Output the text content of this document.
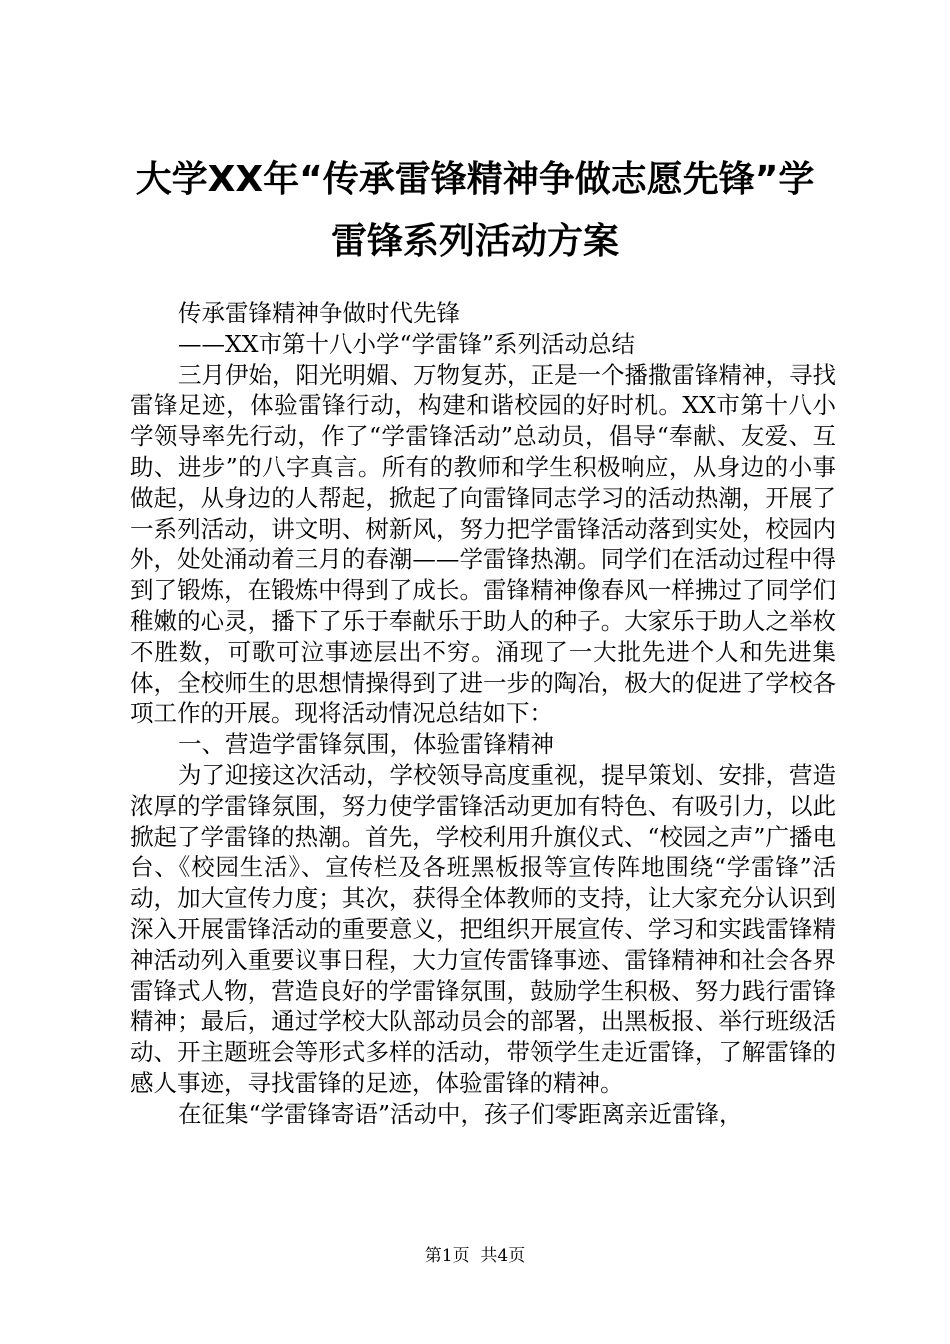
大学XX年“传承雷锋精神争做志愿先锋”学
雷锋系列活动方案

传承雷锋精神争做时代先锋

——XX市第十八小学“学雷锋”系列活动总结

三月伊始，阳光明媚、万物复苏，正是一个播撒雷锋精神，寻找雷锋足迹，体验雷锋行动，构建和谐校园的好时机。XX市第十八小学领导率先行动，作了“学雷锋活动”总动员，倡导“奉献、友爱、互助、进步”的八字真言。所有的教师和学生积极响应，从身边的小事做起，从身边的人帮起，掀起了向雷锋同志学习的活动热潮，开展了一系列活动，讲文明、树新风，努力把学雷锋活动落到实处，校园内外，处处涌动着三月的春潮——学雷锋热潮。同学们在活动过程中得到了锻炼，在锻炼中得到了成长。雷锋精神像春风一样拂过了同学们稚嫩的心灵，播下了乐于奉献乐于助人的种子。大家乐于助人之举枚不胜数，可歌可泣事迹层出不穷。涌现了一大批先进个人和先进集体，全校师生的思想情操得到了进一步的陶冶，极大的促进了学校各项工作的开展。现将活动情况总结如下：

一、营造学雷锋氛围，体验雷锋精神

为了迎接这次活动，学校领导高度重视，提早策划、安排，营造浓厚的学雷锋氛围，努力使学雷锋活动更加有特色、有吸引力，以此掀起了学雷锋的热潮。首先，学校利用升旗仪式、“校园之声”广播电台、《校园生活》、宣传栏及各班黑板报等宣传阵地围绕“学雷锋”活动，加大宣传力度；其次，获得全体教师的支持，让大家充分认识到深入开展雷锋活动的重要意义，把组织开展宣传、学习和实践雷锋精神活动列入重要议事日程，大力宣传雷锋事迹、雷锋精神和社会各界雷锋式人物，营造良好的学雷锋氛围，鼓励学生积极、努力践行雷锋精神；最后，通过学校大队部动员会的部署，出黑板报、举行班级活动、开主题班会等形式多样的活动，带领学生走近雷锋，了解雷锋的感人事迹，寻找雷锋的足迹，体验雷锋的精神。

在征集“学雷锋寄语”活动中，孩子们零距离亲近雷锋，

第1页 共4页
